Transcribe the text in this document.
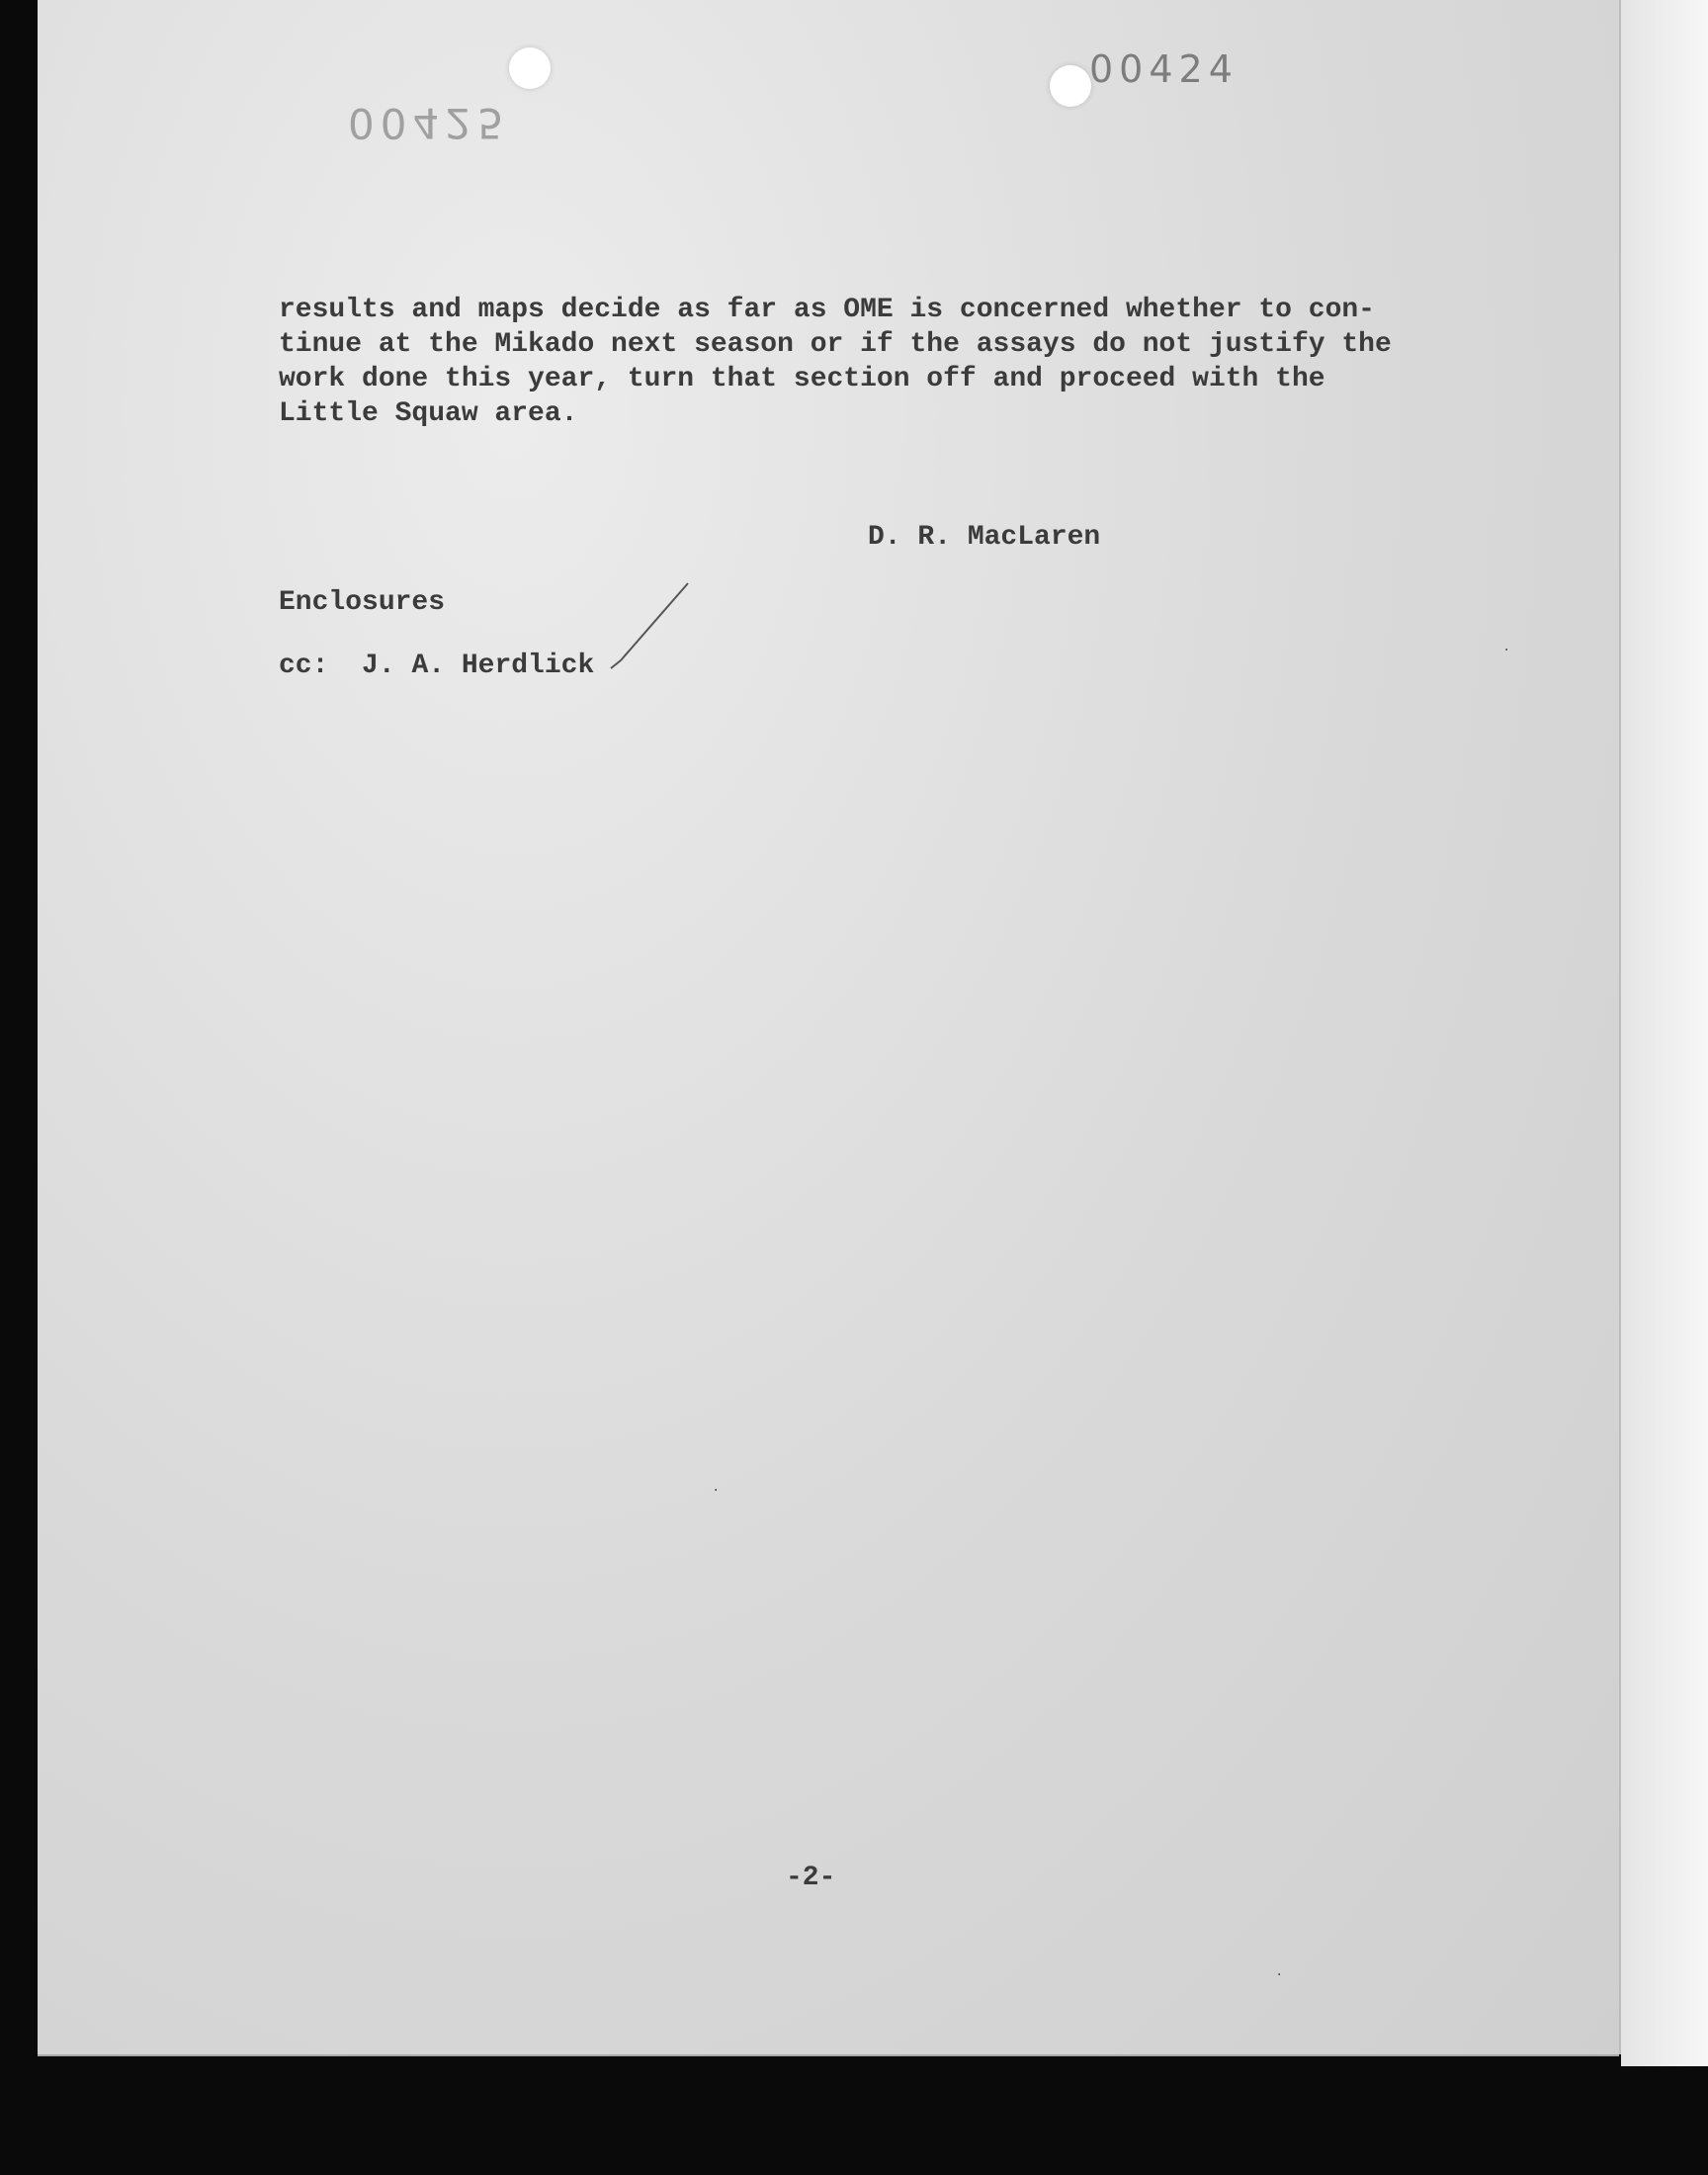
00424
00425
results and maps decide as far as OME is concerned whether to con-
tinue at the Mikado next season or if the assays do not justify the
work done this year, turn that section off and proceed with the
Little Squaw area.
D. R. MacLaren
Enclosures
cc: J. A. Herdlick
-2-
·
·
·
